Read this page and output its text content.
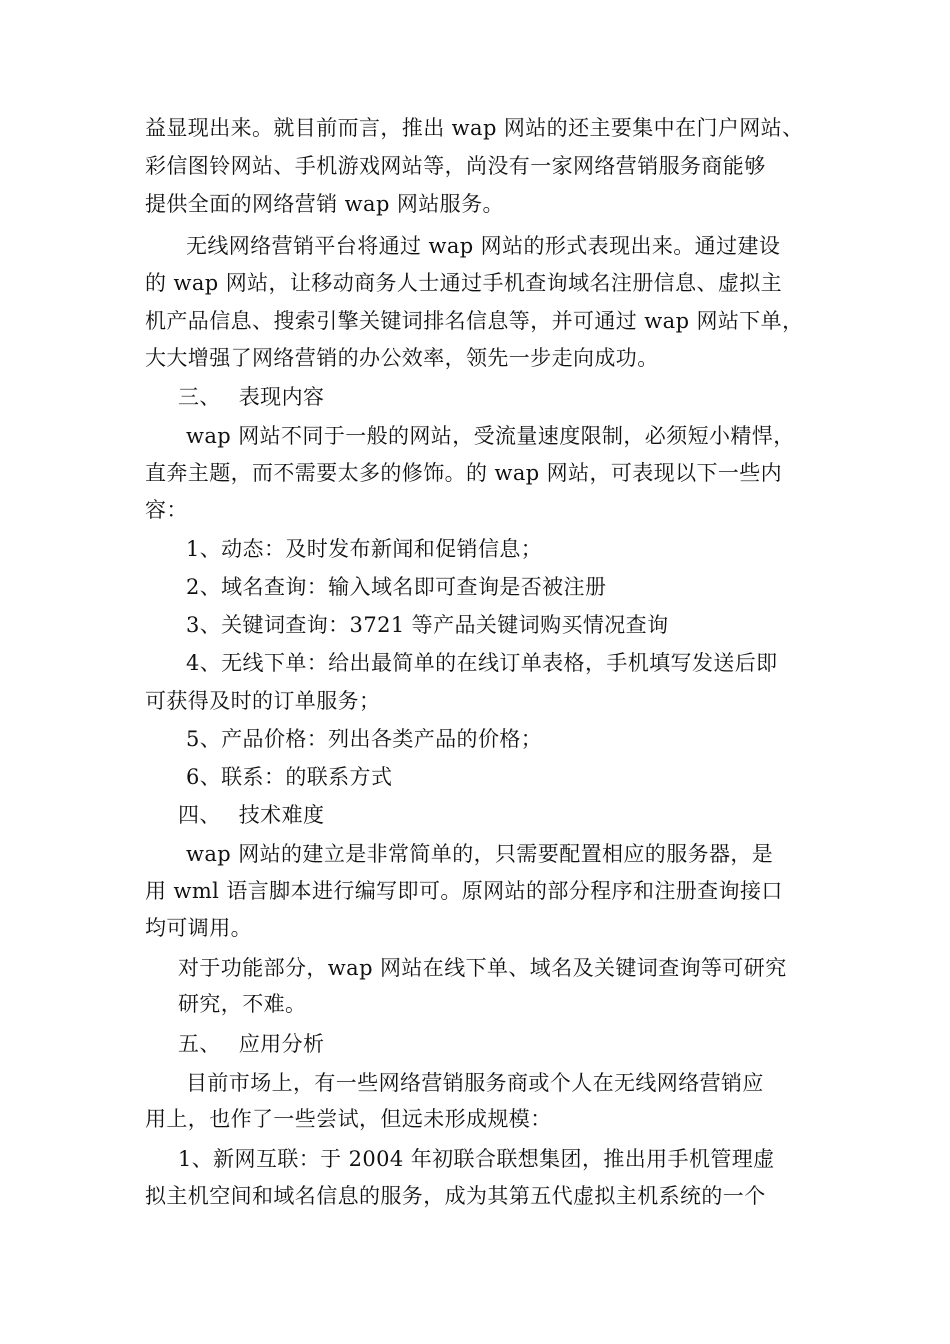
益显现出来。就目前而言，推出 wap 网站的还主要集中在门户网站、
彩信图铃网站、手机游戏网站等，尚没有一家网络营销服务商能够
提供全面的网络营销 wap 网站服务。
无线网络营销平台将通过 wap 网站的形式表现出来。通过建设
的 wap 网站，让移动商务人士通过手机查询域名注册信息、虚拟主
机产品信息、搜索引擎关键词排名信息等，并可通过 wap 网站下单，
大大增强了网络营销的办公效率，领先一步走向成功。
三、　 表现内容
wap 网站不同于一般的网站，受流量速度限制，必须短小精悍，
直奔主题，而不需要太多的修饰。的 wap 网站，可表现以下一些内
容：
1、动态：及时发布新闻和促销信息；
2、域名查询：输入域名即可查询是否被注册
3、关键词查询：3721 等产品关键词购买情况查询
4、无线下单：给出最简单的在线订单表格，手机填写发送后即
可获得及时的订单服务；
5、产品价格：列出各类产品的价格；
6、联系：的联系方式
四、　 技术难度
wap 网站的建立是非常简单的，只需要配置相应的服务器，是
用 wml 语言脚本进行编写即可。原网站的部分程序和注册查询接口
均可调用。
对于功能部分，wap 网站在线下单、域名及关键词查询等可研究
研究，不难。
五、　 应用分析
目前市场上，有一些网络营销服务商或个人在无线网络营销应
用上，也作了一些尝试，但远未形成规模：
1、新网互联：于 2004 年初联合联想集团，推出用手机管理虚
拟主机空间和域名信息的服务，成为其第五代虚拟主机系统的一个
